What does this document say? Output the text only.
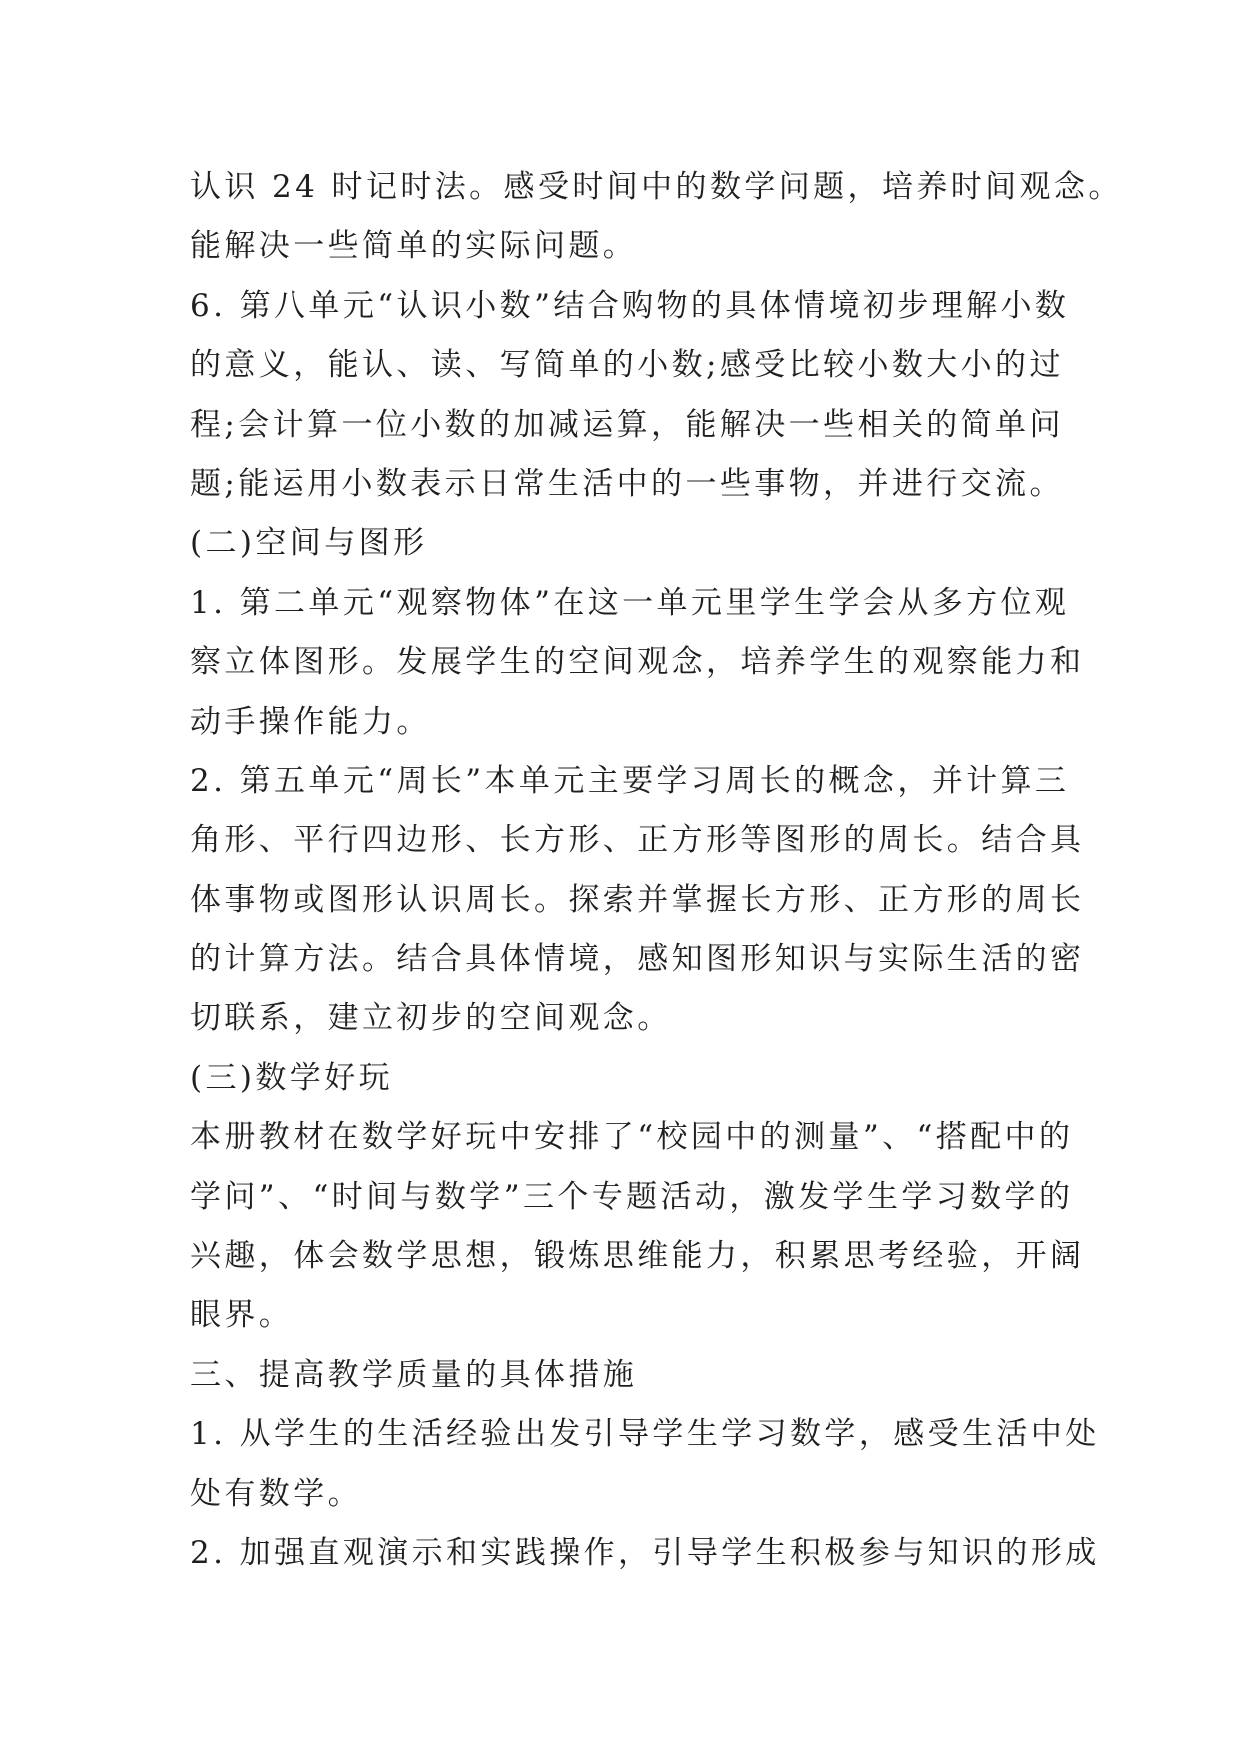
认识 24 时记时法。感受时间中的数学问题，培养时间观念。
能解决一些简单的实际问题。
6. 第八单元“认识小数”结合购物的具体情境初步理解小数
的意义，能认、读、写简单的小数;感受比较小数大小的过
程;会计算一位小数的加减运算，能解决一些相关的简单问
题;能运用小数表示日常生活中的一些事物，并进行交流。
(二)空间与图形
1. 第二单元“观察物体”在这一单元里学生学会从多方位观
察立体图形。发展学生的空间观念，培养学生的观察能力和
动手操作能力。
2. 第五单元“周长”本单元主要学习周长的概念，并计算三
角形、平行四边形、长方形、正方形等图形的周长。结合具
体事物或图形认识周长。探索并掌握长方形、正方形的周长
的计算方法。结合具体情境，感知图形知识与实际生活的密
切联系，建立初步的空间观念。
(三)数学好玩
本册教材在数学好玩中安排了“校园中的测量”、“搭配中的
学问”、“时间与数学”三个专题活动，激发学生学习数学的
兴趣，体会数学思想，锻炼思维能力，积累思考经验，开阔
眼界。
三、提高教学质量的具体措施
1. 从学生的生活经验出发引导学生学习数学，感受生活中处
处有数学。
2. 加强直观演示和实践操作，引导学生积极参与知识的形成
